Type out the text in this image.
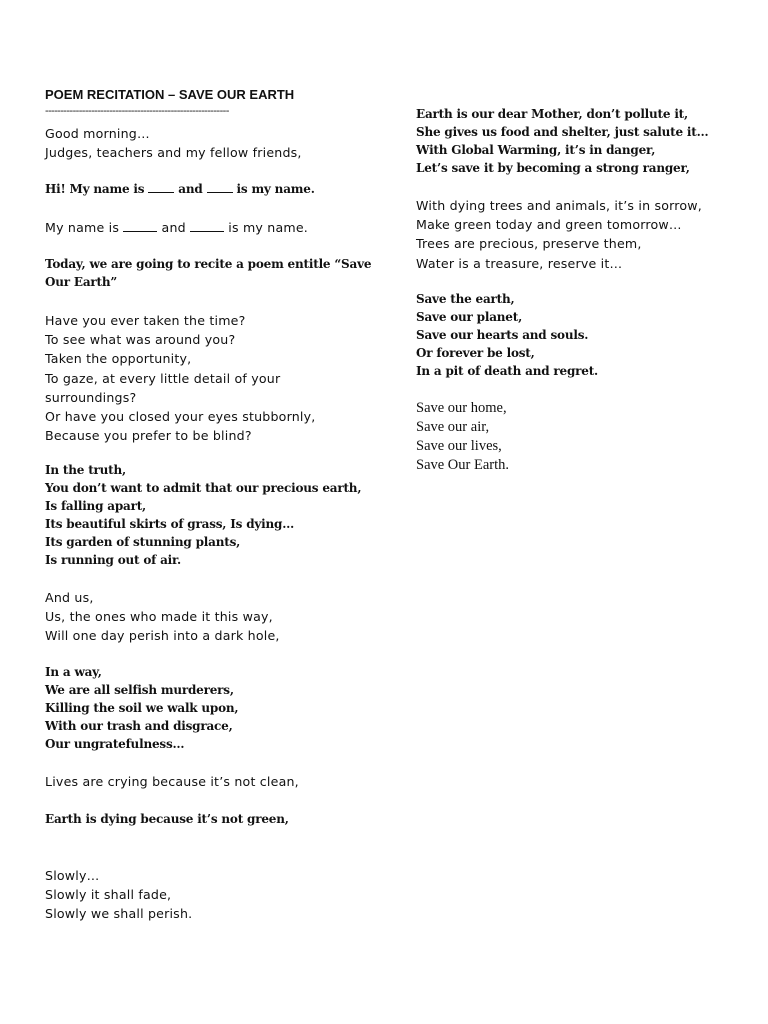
POEM RECITATION – SAVE OUR EARTH
------------------------------------------------------------
Good morning…
Judges, teachers and my fellow friends,
Hi! My name is	and	is my name.
My name is	and	is my name.
Today, we are going to recite a poem entitle “Save
Our Earth”
Have you ever taken the time?
To see what was around you?
Taken the opportunity,
To gaze, at every little detail of your
surroundings?
Or have you closed your eyes stubbornly,
Because you prefer to be blind?
In the truth,
You don’t want to admit that our precious earth,
Is falling apart,
Its beautiful skirts of grass, Is dying…
Its garden of stunning plants,
Is running out of air.
And us,
Us, the ones who made it this way,
Will one day perish into a dark hole,
In a way,
We are all selfish murderers,
Killing the soil we walk upon,
With our trash and disgrace,
Our ungratefulness…
Lives are crying because it’s not clean,
Earth is dying because it’s not green,
Slowly…
Slowly it shall fade,
Slowly we shall perish.
Earth is our dear Mother, don’t pollute it,
She gives us food and shelter, just salute it…
With Global Warming, it’s in danger,
Let’s save it by becoming a strong ranger,
With dying trees and animals, it’s in sorrow,
Make green today and green tomorrow…
Trees are precious, preserve them,
Water is a treasure, reserve it…
Save the earth,
Save our planet,
Save our hearts and souls.
Or forever be lost,
In a pit of death and regret.
Save our home,
Save our air,
Save our lives,
Save Our Earth.
